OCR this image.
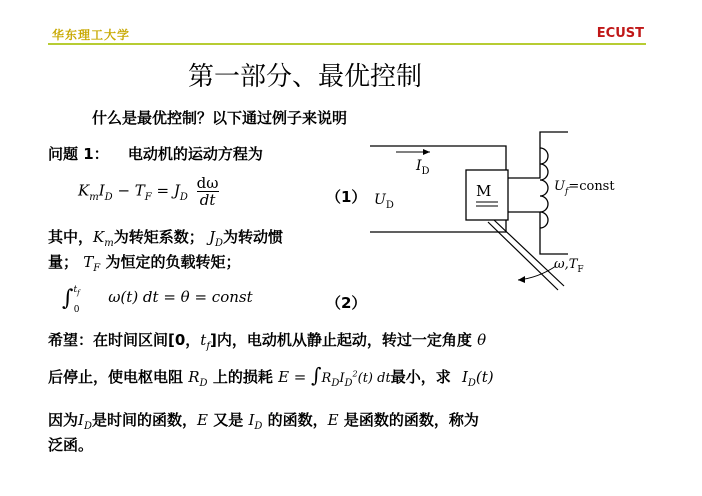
华东理工大学	ECUST
第一部分、最优控制
什么是最优控制？以下通过例子来说明
问题 1： 电动机的运动方程为
$K_mI_D - T_F = J_D \frac{d\omega}{dt}$	（1）
其中，$K_m$为转矩系数； $J_D$为转动惯
量； $T_F$ 为恒定的负载转矩；
∫$^{t_f}_0$ ω(t) dt = θ = const	（2）
希望：在时间区间[0，$t_f$]内，电动机从静止起动，转过一定角度 θ
后停止，使电枢电阻 $R_D$ 上的损耗 $E = \int R_DI_D^2(t)$ dt最小，求 $I_D(t)$
因为$I_D$是时间的函数，E 又是 $I_D$ 的函数，E 是函数的函数，称为
泛函。
M
$I_D$
$U_D$
$U_f=const$
$\omega,T_F$
